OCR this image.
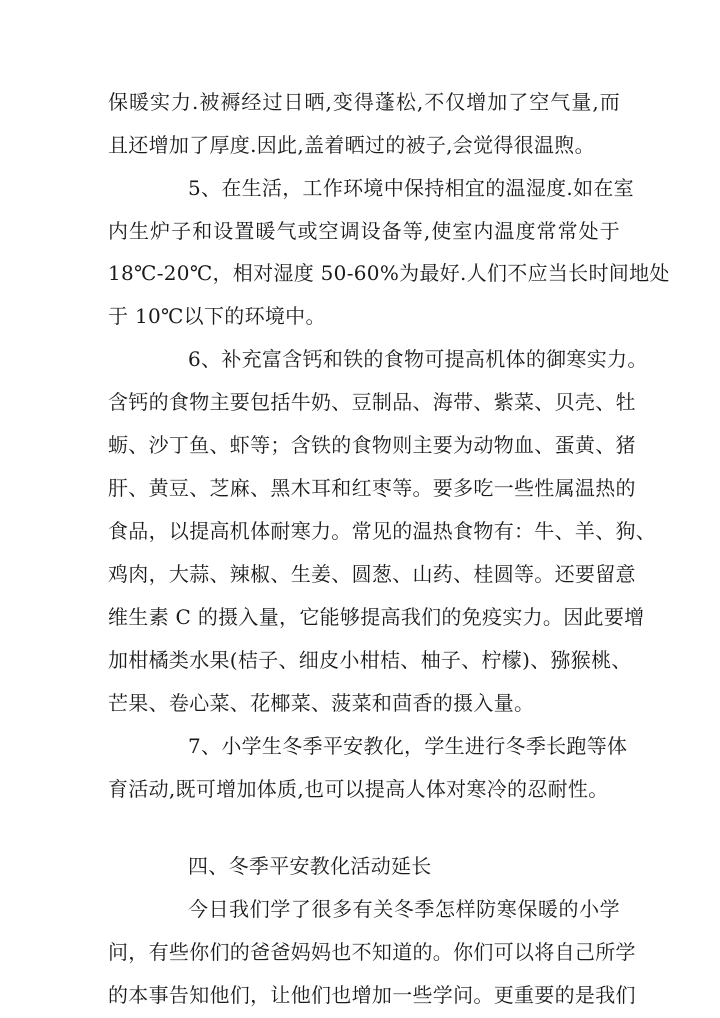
保暖实力.被褥经过日晒,变得蓬松,不仅增加了空气量,而
且还增加了厚度.因此,盖着晒过的被子,会觉得很温煦。
5、在生活，工作环境中保持相宜的温湿度.如在室
内生炉子和设置暖气或空调设备等,使室内温度常常处于
18℃-20℃，相对湿度 50-60%为最好.人们不应当长时间地处
于 10℃以下的环境中。
6、补充富含钙和铁的食物可提高机体的御寒实力。
含钙的食物主要包括牛奶、豆制品、海带、紫菜、贝壳、牡
蛎、沙丁鱼、虾等；含铁的食物则主要为动物血、蛋黄、猪
肝、黄豆、芝麻、黑木耳和红枣等。要多吃一些性属温热的
食品，以提高机体耐寒力。常见的温热食物有：牛、羊、狗、
鸡肉，大蒜、辣椒、生姜、圆葱、山药、桂圆等。还要留意
维生素 C 的摄入量，它能够提高我们的免疫实力。因此要增
加柑橘类水果(桔子、细皮小柑桔、柚子、柠檬)、猕猴桃、
芒果、卷心菜、花椰菜、菠菜和茴香的摄入量。
7、小学生冬季平安教化，学生进行冬季长跑等体
育活动,既可增加体质,也可以提高人体对寒冷的忍耐性。
四、冬季平安教化活动延长
今日我们学了很多有关冬季怎样防寒保暖的小学
问，有些你们的爸爸妈妈也不知道的。你们可以将自己所学
的本事告知他们，让他们也增加一些学问。更重要的是我们
